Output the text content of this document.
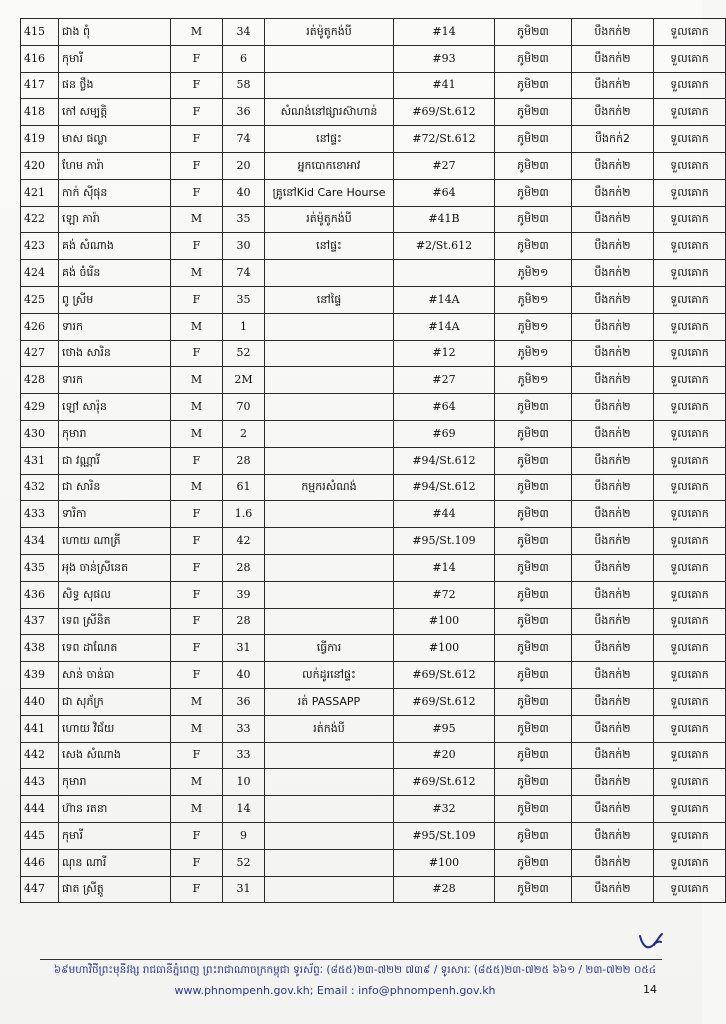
415	ជាង ពុំ	M	34	រត់ម៉ូតូកង់បី	#14	ភូមិ២៣	បឹងកក់២	ទួលគោក
416	កុមារី	F	6		#93	ភូមិ២៣	បឹងកក់២	ទួលគោក
417	ផន ថ្លឹង	F	58		#41	ភូមិ២៣	បឹងកក់២	ទួលគោក
418	កៅ សម្បត្តិ	F	36	សំណង់នៅផ្សារស៊ាហាន់	#69/St.612	ភូមិ២៣	បឹងកក់២	ទួលគោក
419	មាស ផល្លា	F	74	នៅផ្ទះ	#72/St.612	ភូមិ២៣	បឹងកក់2	ទួលគោក
420	ហែម ភារ៉ា	F	20	អ្នកបោកខោអាវ	#27	ភូមិ២៣	បឹងកក់២	ទួលគោក
421	កាក់ ស៊ីផុន	F	40	គ្រូនៅKid Care Hourse	#64	ភូមិ២៣	បឹងកក់២	ទួលគោក
422	ឡោ ភារ៉ា	M	35	រត់ម៉ូតូកង់បី	#41B	ភូមិ២៣	បឹងកក់២	ទួលគោក
423	គង់ សំណាង	F	30	នៅផ្ទះ	#2/St.612	ភូមិ២៣	បឹងកក់២	ទួលគោក
424	គង់ ចំរើន	M	74			ភូមិ២១	បឹងកក់២	ទួលគោក
425	ពូ ស្រីម	F	35	នៅផ្ទៃ	#14A	ភូមិ២១	បឹងកក់២	ទួលគោក
426	ទារក	M	1		#14A	ភូមិ២១	បឹងកក់២	ទួលគោក
427	ថោង សារិន	F	52		#12	ភូមិ២១	បឹងកក់២	ទួលគោក
428	ទារក	M	2M		#27	ភូមិ២១	បឹងកក់២	ទួលគោក
429	ឡៅ សារ៉ុន	M	70		#64	ភូមិ២៣	បឹងកក់២	ទួលគោក
430	កុមារា	M	2		#69	ភូមិ២៣	បឹងកក់២	ទួលគោក
431	ជា វណ្ណារី	F	28		#94/St.612	ភូមិ២៣	បឹងកក់២	ទួលគោក
432	ជា សារិន	M	61	កម្មករសំណង់	#94/St.612	ភូមិ២៣	បឹងកក់២	ទួលគោក
433	ទារិកា	F	1.6		#44	ភូមិ២៣	បឹងកក់២	ទួលគោក
434	ហោយ ណាត្រី	F	42		#95/St.109	ភូមិ២៣	បឹងកក់២	ទួលគោក
435	អុង ចាន់ស្រីនេត	F	28		#14	ភូមិ២៣	បឹងកក់២	ទួលគោក
436	សិទ្ធ សុផល	F	39		#72	ភូមិ២៣	បឹងកក់២	ទួលគោក
437	ទេព ស្រីនិត	F	28		#100	ភូមិ២៣	បឹងកក់២	ទួលគោក
438	ទេព ដាណែត	F	31	ធ្វើការ	#100	ភូមិ២៣	បឹងកក់២	ទួលគោក
439	សាន់ ចាន់ធា	F	40	លក់ដូរនៅផ្ទះ	#69/St.612	ភូមិ២៣	បឹងកក់២	ទួលគោក
440	ជា សុភ័ក្រ	M	36	រត់ PASSAPP	#69/St.612	ភូមិ២៣	បឹងកក់២	ទួលគោក
441	ហោយ វិជ័យ	M	33	រត់កង់បី	#95	ភូមិ២៣	បឹងកក់២	ទួលគោក
442	សេង សំណាង	F	33		#20	ភូមិ២៣	បឹងកក់២	ទួលគោក
443	កុមារា	M	10		#69/St.612	ភូមិ២៣	បឹងកក់២	ទួលគោក
444	ហ៊ាន រតនា	M	14		#32	ភូមិ២៣	បឹងកក់២	ទួលគោក
445	កុមារី	F	9		#95/St.109	ភូមិ២៣	បឹងកក់២	ទួលគោក
446	ណុន ណារី	F	52		#100	ភូមិ២៣	បឹងកក់២	ទួលគោក
447	ផាត ស្រីត្តូ	F	31		#28	ភូមិ២៣	បឹងកក់២	ទួលគោក
៦៩មហាវិថីព្រះមុនីវង្ស រាជធានីភ្នំពេញ ព្រះរាជាណាចក្រកម្ពុជា ទូរស័ព្ទៈ (៨៥៥)២៣-៧២២ ៧៣៩ / ទូរសារៈ (៨៥៥)២៣-៧២៥ ៦៦១ / ២៣-៧២២ ០៥៤
www.phnompenh.gov.kh; Email : info@phnompenh.gov.kh	14
